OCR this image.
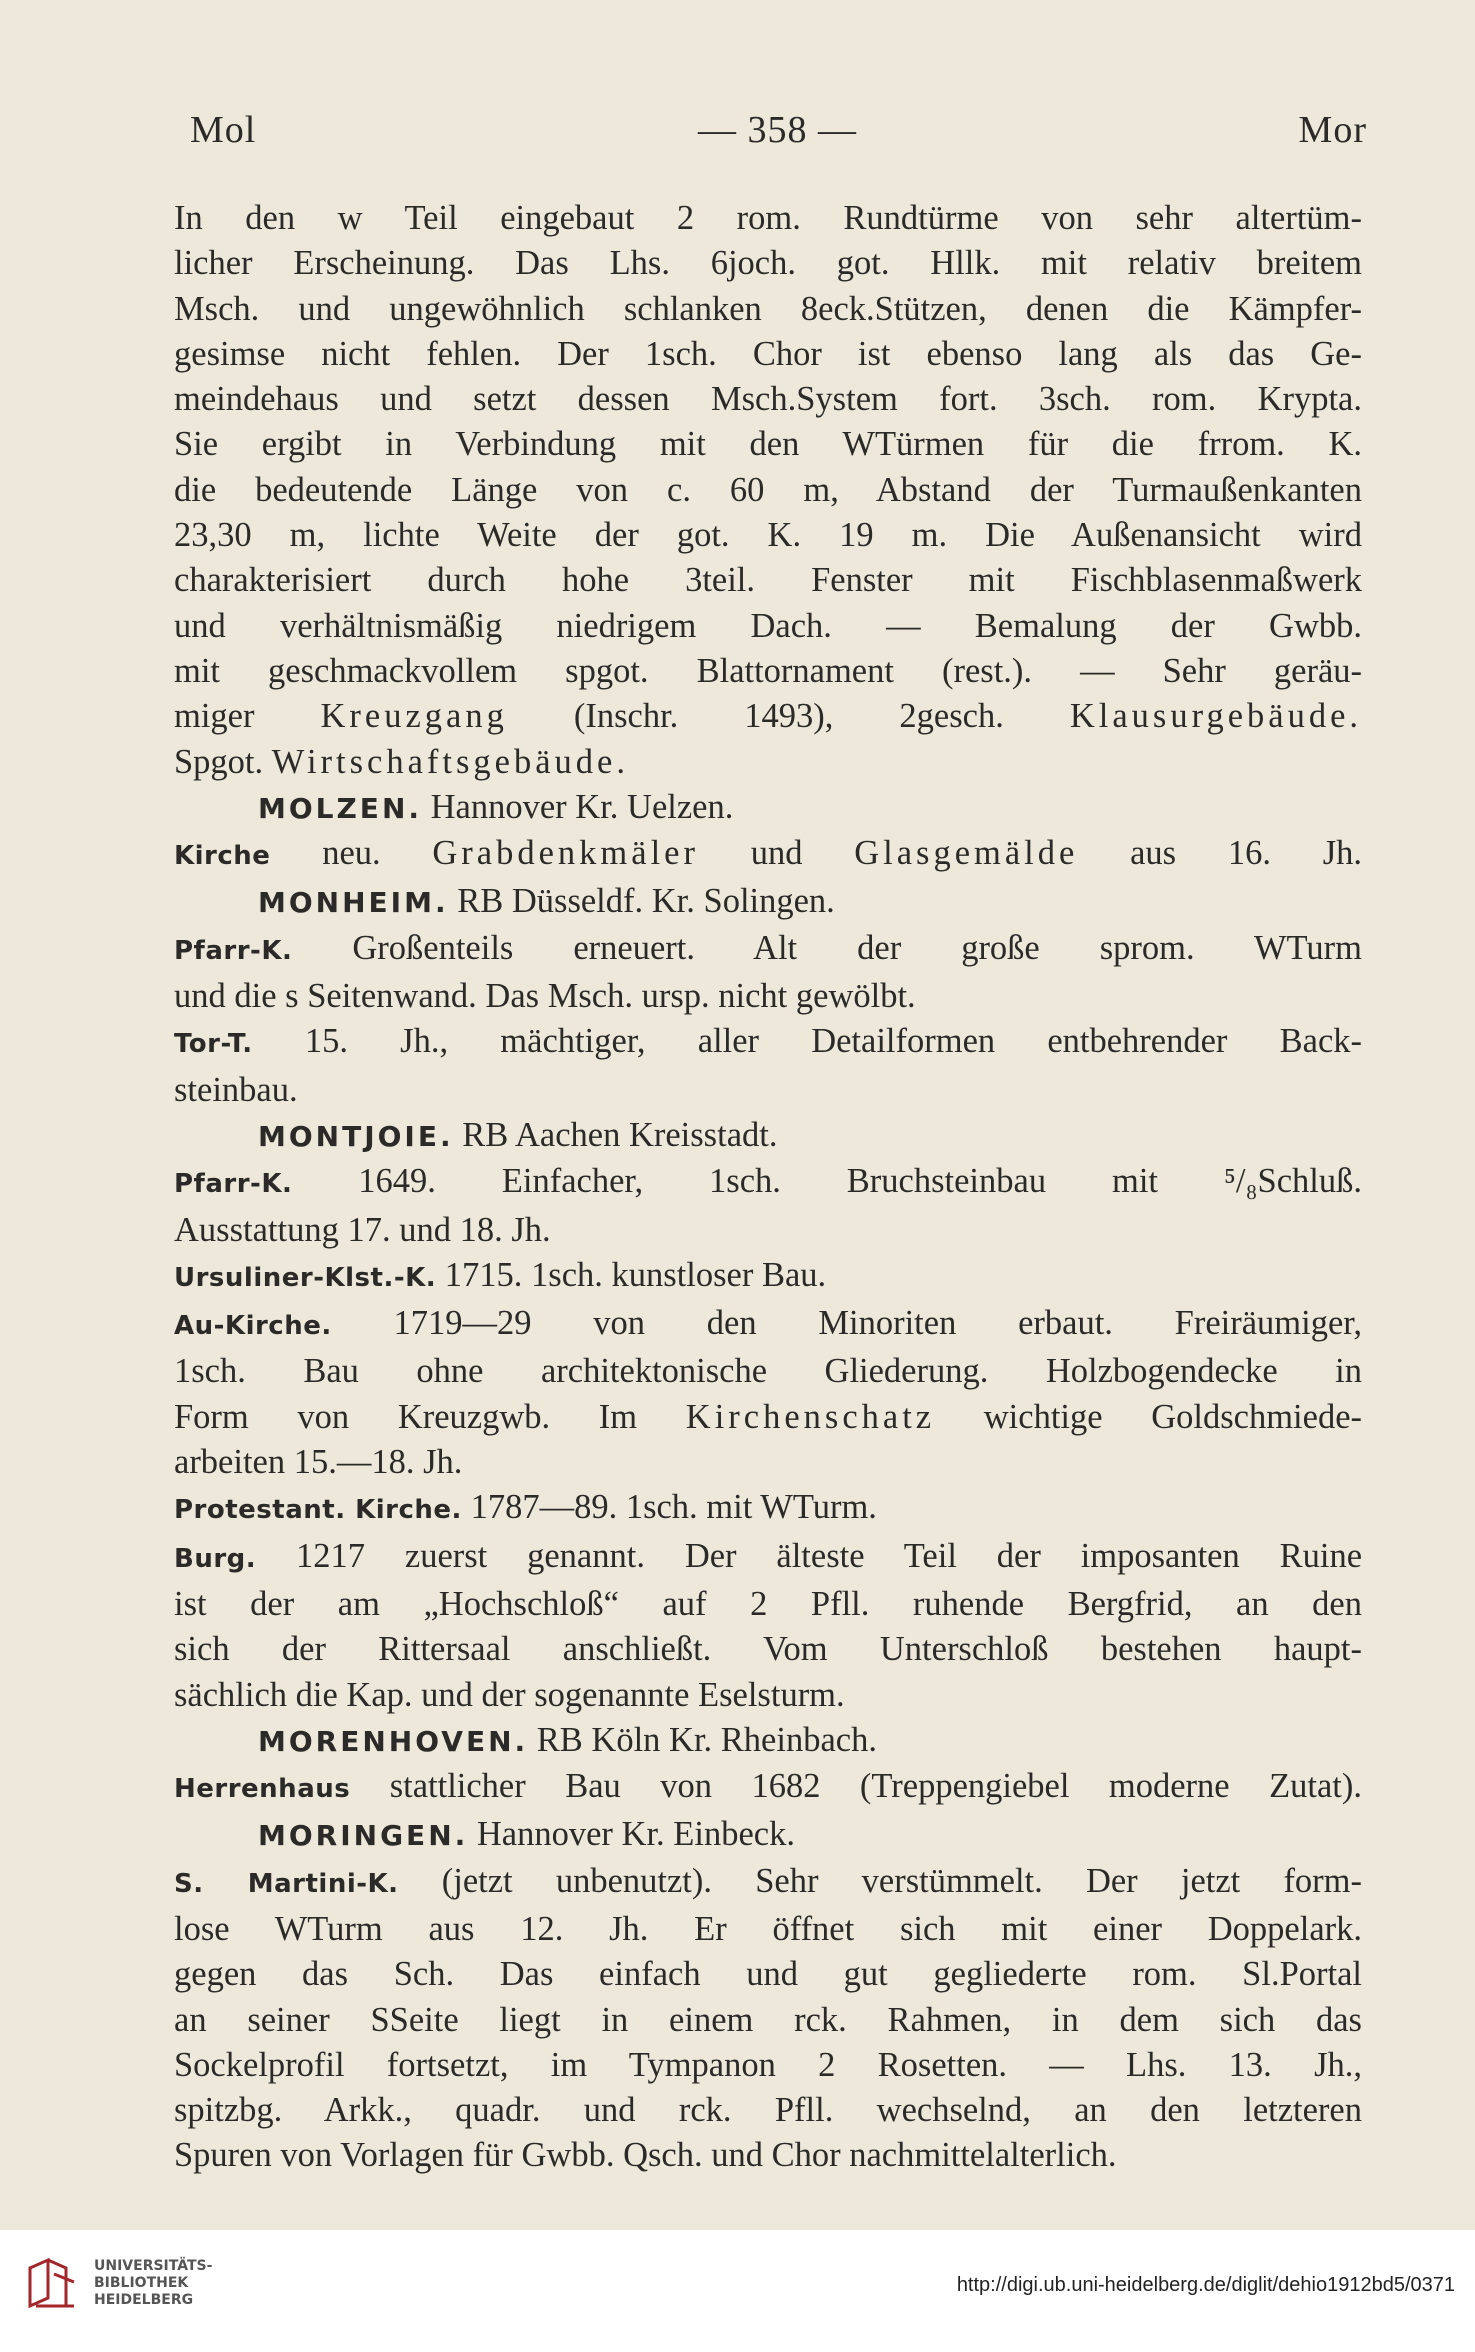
Mol	— 358 —	Mor
In den w Teil eingebaut 2 rom. Rundtürme von sehr altertüm-
licher Erscheinung. Das Lhs. 6joch. got. Hllk. mit relativ breitem
Msch. und ungewöhnlich schlanken 8eck.Stützen, denen die Kämpfer-
gesimse nicht fehlen. Der 1sch. Chor ist ebenso lang als das Ge-
meindehaus und setzt dessen Msch.System fort. 3sch. rom. Krypta.
Sie ergibt in Verbindung mit den WTürmen für die frrom. K.
die bedeutende Länge von c. 60 m, Abstand der Turmaußenkanten
23,30 m, lichte Weite der got. K. 19 m. Die Außenansicht wird
charakterisiert durch hohe 3teil. Fenster mit Fischblasenmaßwerk
und verhältnismäßig niedrigem Dach. — Bemalung der Gwbb.
mit geschmackvollem spgot. Blattornament (rest.). — Sehr geräu-
miger Kreuzgang (Inschr. 1493), 2gesch. Klausurgebäude.
Spgot. Wirtschaftsgebäude.
MOLZEN. Hannover Kr. Uelzen.
Kirche neu. Grabdenkmäler und Glasgemälde aus 16. Jh.
MONHEIM. RB Düsseldf. Kr. Solingen.
Pfarr-K. Großenteils erneuert. Alt der große sprom. WTurm
und die s Seitenwand. Das Msch. ursp. nicht gewölbt.
Tor-T. 15. Jh., mächtiger, aller Detailformen entbehrender Back-
steinbau.
MONTJOIE. RB Aachen Kreisstadt.
Pfarr-K. 1649. Einfacher, 1sch. Bruchsteinbau mit ⁵/₈Schluß.
Ausstattung 17. und 18. Jh.
Ursuliner-Klst.-K. 1715. 1sch. kunstloser Bau.
Au-Kirche. 1719—29 von den Minoriten erbaut. Freiräumiger,
1sch. Bau ohne architektonische Gliederung. Holzbogendecke in
Form von Kreuzgwb. Im Kirchenschatz wichtige Goldschmiede-
arbeiten 15.—18. Jh.
Protestant. Kirche. 1787—89. 1sch. mit WTurm.
Burg. 1217 zuerst genannt. Der älteste Teil der imposanten Ruine
ist der am „Hochschloß“ auf 2 Pfll. ruhende Bergfrid, an den
sich der Rittersaal anschließt. Vom Unterschloß bestehen haupt-
sächlich die Kap. und der sogenannte Eselsturm.
MORENHOVEN. RB Köln Kr. Rheinbach.
Herrenhaus stattlicher Bau von 1682 (Treppengiebel moderne Zutat).
MORINGEN. Hannover Kr. Einbeck.
S. Martini-K. (jetzt unbenutzt). Sehr verstümmelt. Der jetzt form-
lose WTurm aus 12. Jh. Er öffnet sich mit einer Doppelark.
gegen das Sch. Das einfach und gut gegliederte rom. Sl.Portal
an seiner SSeite liegt in einem rck. Rahmen, in dem sich das
Sockelprofil fortsetzt, im Tympanon 2 Rosetten. — Lhs. 13. Jh.,
spitzbg. Arkk., quadr. und rck. Pfll. wechselnd, an den letzteren
Spuren von Vorlagen für Gwbb. Qsch. und Chor nachmittelalterlich.
UNIVERSITÄTS-
BIBLIOTHEK
HEIDELBERG
http://digi.ub.uni-heidelberg.de/diglit/dehio1912bd5/0371
